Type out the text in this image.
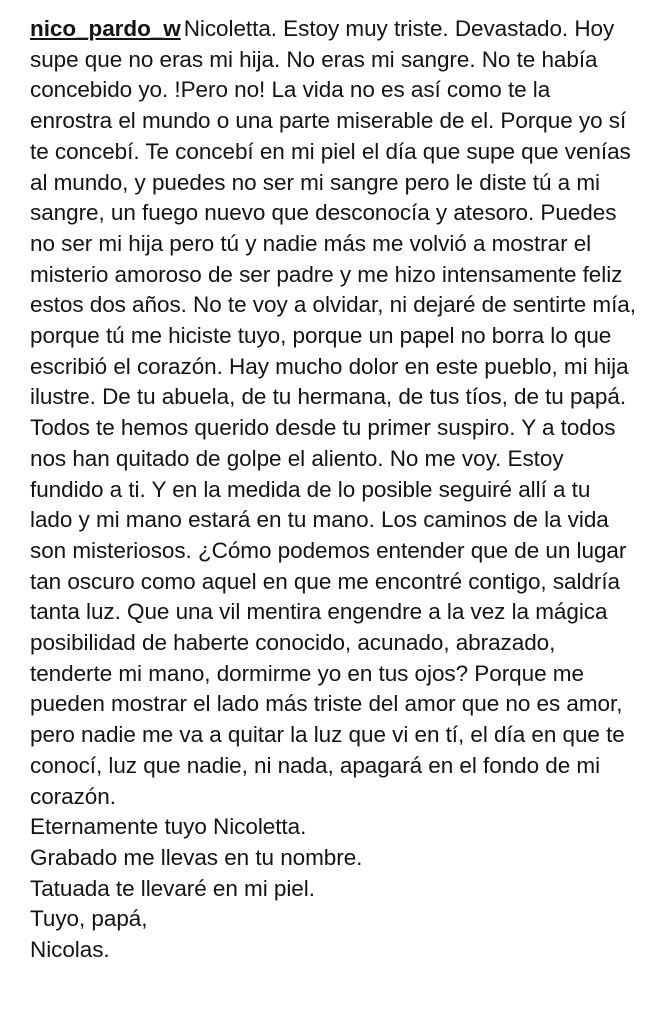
nico_pardo_w Nicoletta. Estoy muy triste. Devastado. Hoy supe que no eras mi hija. No eras mi sangre. No te había concebido yo. !Pero no! La vida no es así como te la enrostra el mundo o una parte miserable de el. Porque yo sí te concebí. Te concebí en mi piel el día que supe que venías al mundo, y puedes no ser mi sangre pero le diste tú a mi sangre, un fuego nuevo que desconocía y atesoro. Puedes no ser mi hija pero tú y nadie más me volvió a mostrar el misterio amoroso de ser padre y me hizo intensamente feliz estos dos años. No te voy a olvidar, ni dejaré de sentirte mía, porque tú me hiciste tuyo, porque un papel no borra lo que escribió el corazón. Hay mucho dolor en este pueblo, mi hija ilustre. De tu abuela, de tu hermana, de tus tíos, de tu papá. Todos te hemos querido desde tu primer suspiro. Y a todos nos han quitado de golpe el aliento. No me voy. Estoy fundido a ti. Y en la medida de lo posible seguiré allí a tu lado y mi mano estará en tu mano. Los caminos de la vida son misteriosos. ¿Cómo podemos entender que de un lugar tan oscuro como aquel en que me encontré contigo, saldría tanta luz. Que una vil mentira engendre a la vez la mágica posibilidad de haberte conocido, acunado, abrazado, tenderte mi mano, dormirme yo en tus ojos? Porque me pueden mostrar el lado más triste del amor que no es amor, pero nadie me va a quitar la luz que vi en tí, el día en que te conocí, luz que nadie, ni nada, apagará en el fondo de mi corazón.

Eternamente tuyo Nicoletta.

Grabado me llevas en tu nombre.

Tatuada te llevaré en mi piel.

Tuyo, papá,

Nicolas.
